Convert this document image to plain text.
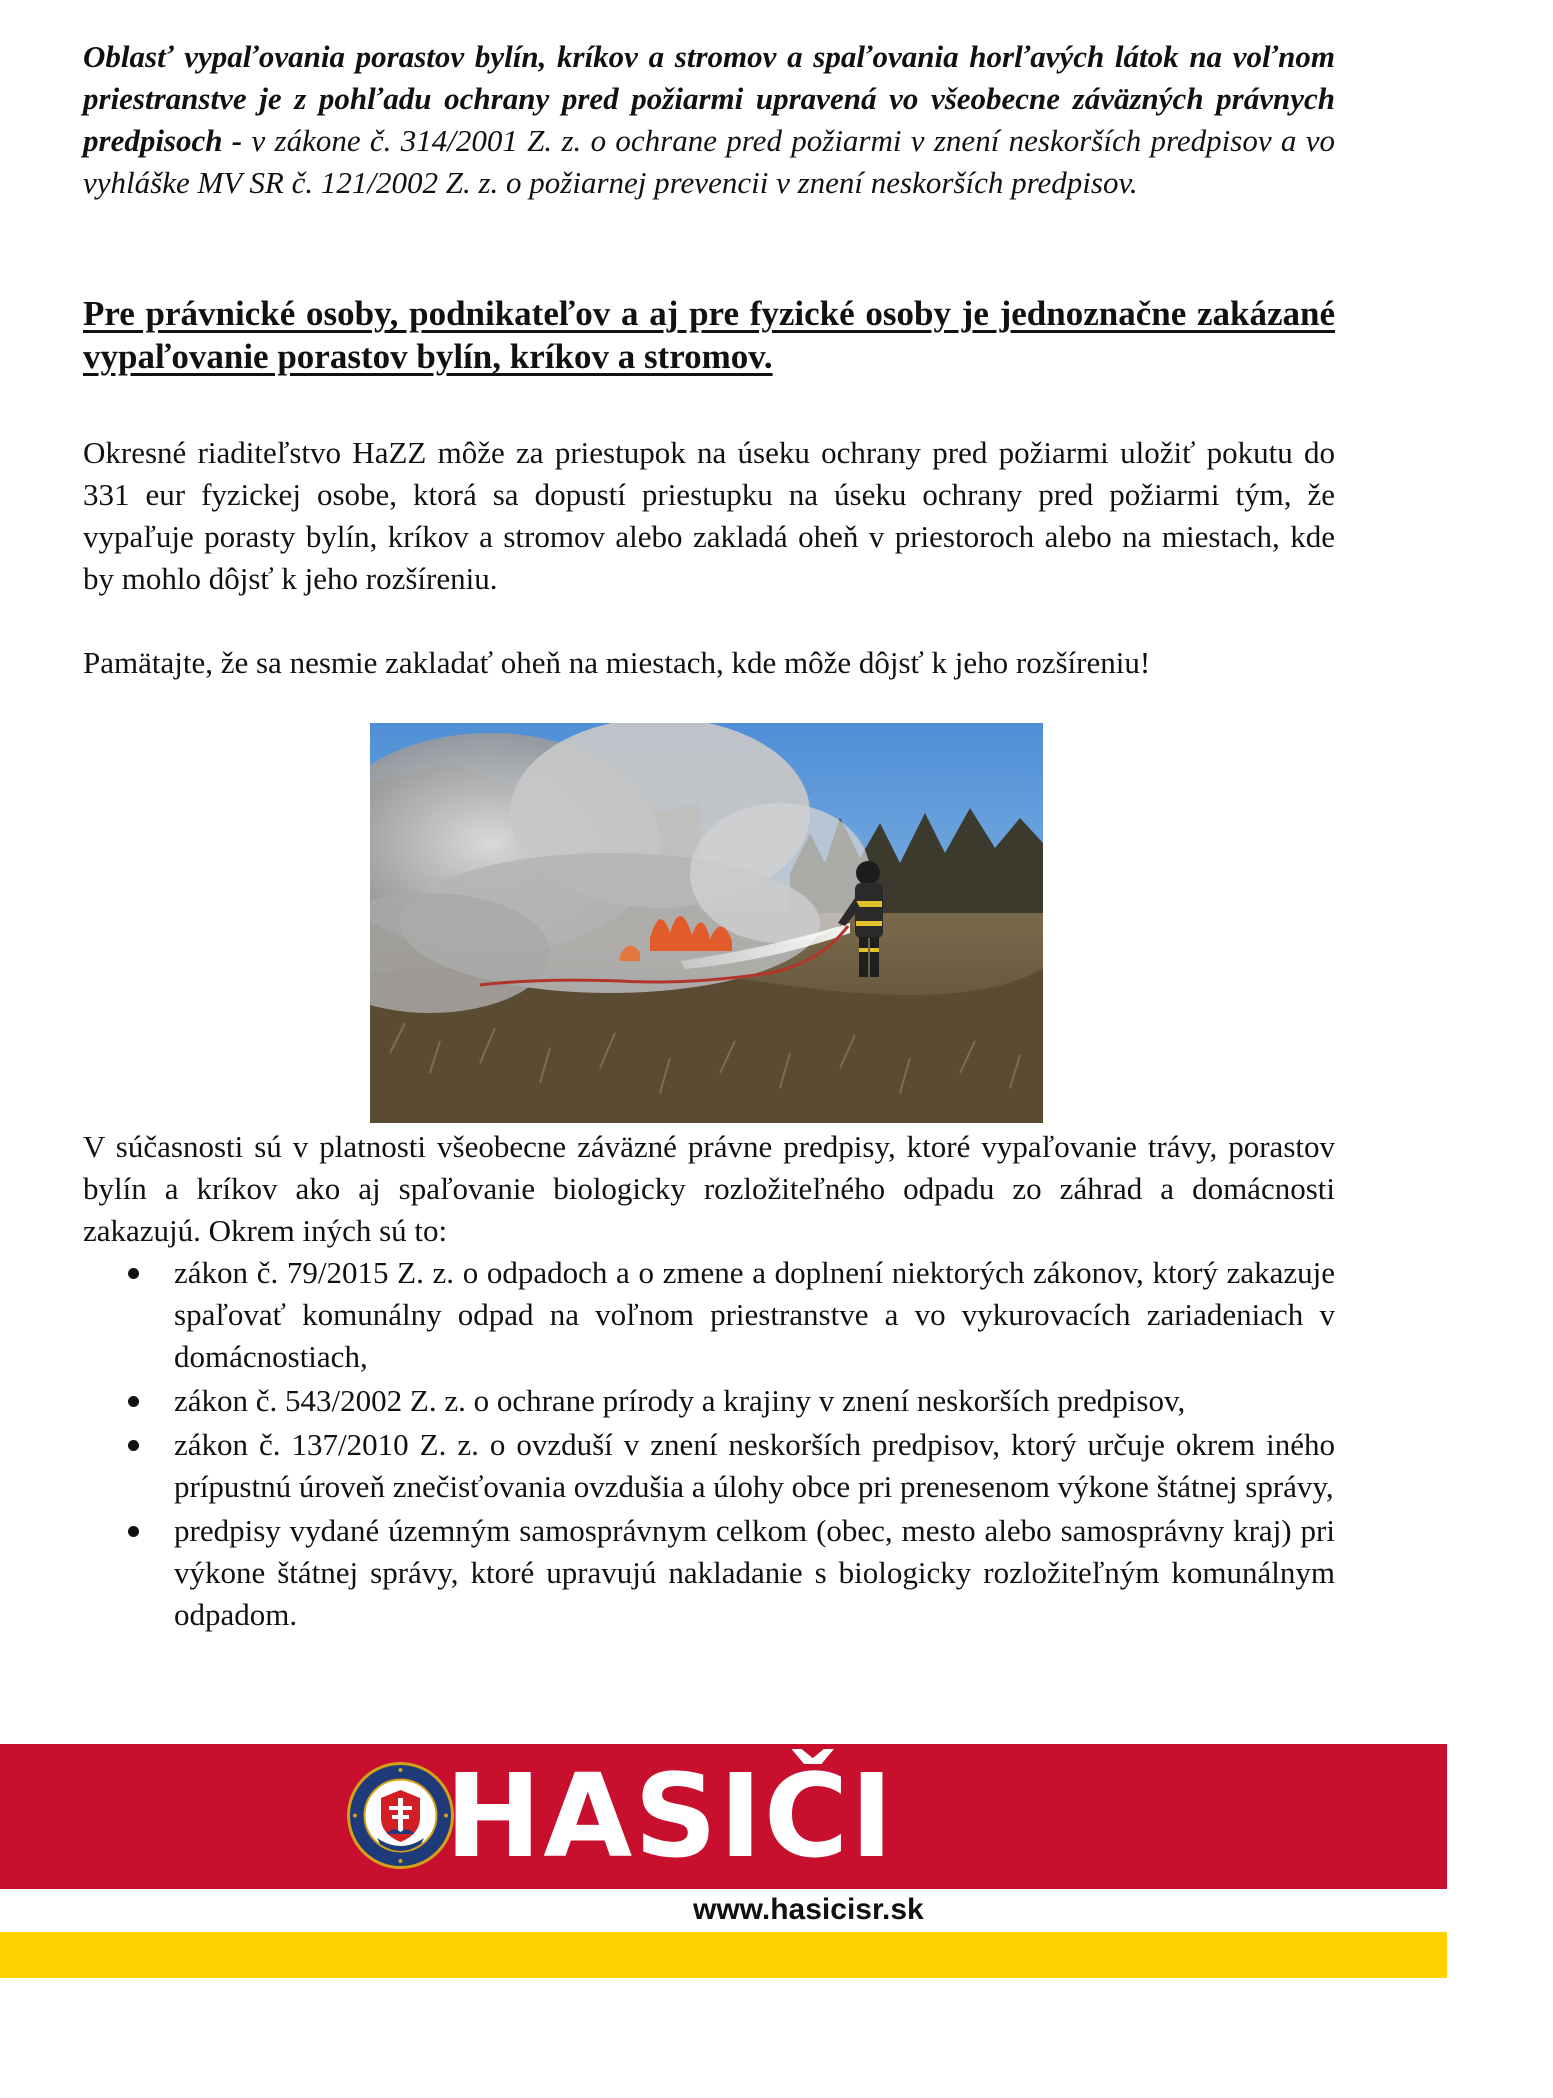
Oblasť vypaľovania porastov bylín, kríkov a stromov a spaľovania horľavých látok na voľnom priestranstve je z pohľadu ochrany pred požiarmi upravená vo všeobecne záväzných právnych predpisoch - v zákone č. 314/2001 Z. z. o ochrane pred požiarmi v znení neskorších predpisov a vo vyhláške MV SR č. 121/2002 Z. z. o požiarnej prevencii v znení neskorších predpisov.

Pre právnické osoby, podnikateľov a aj pre fyzické osoby je jednoznačne zakázané vypaľovanie porastov bylín, kríkov a stromov.

Okresné riaditeľstvo HaZZ môže za priestupok na úseku ochrany pred požiarmi uložiť pokutu do 331 eur fyzickej osobe, ktorá sa dopustí priestupku na úseku ochrany pred požiarmi tým, že vypaľuje porasty bylín, kríkov a stromov alebo zakladá oheň v priestoroch alebo na miestach, kde by mohlo dôjsť k jeho rozšíreniu.

Pamätajte, že sa nesmie zakladať oheň na miestach, kde môže dôjsť k jeho rozšíreniu!

V súčasnosti sú v platnosti všeobecne záväzné právne predpisy, ktoré vypaľovanie trávy, porastov bylín a kríkov ako aj spaľovanie biologicky rozložiteľného odpadu zo záhrad a domácnosti zakazujú. Okrem iných sú to:

zákon č. 79/2015 Z. z. o odpadoch a o zmene a doplnení niektorých zákonov, ktorý zakazuje spaľovať komunálny odpad na voľnom priestranstve a vo vykurovacích zariadeniach v domácnostiach,
zákon č. 543/2002 Z. z. o ochrane prírody a krajiny v znení neskorších predpisov,
zákon č. 137/2010 Z. z. o ovzduší v znení neskorších predpisov, ktorý určuje okrem iného prípustnú úroveň znečisťovania ovzdušia a úlohy obce pri prenesenom výkone štátnej správy,
predpisy vydané územným samosprávnym celkom (obec, mesto alebo samosprávny kraj) pri výkone štátnej správy, ktoré upravujú nakladanie s biologicky rozložiteľným komunálnym odpadom.
HASIČI
www.hasicisr.sk
